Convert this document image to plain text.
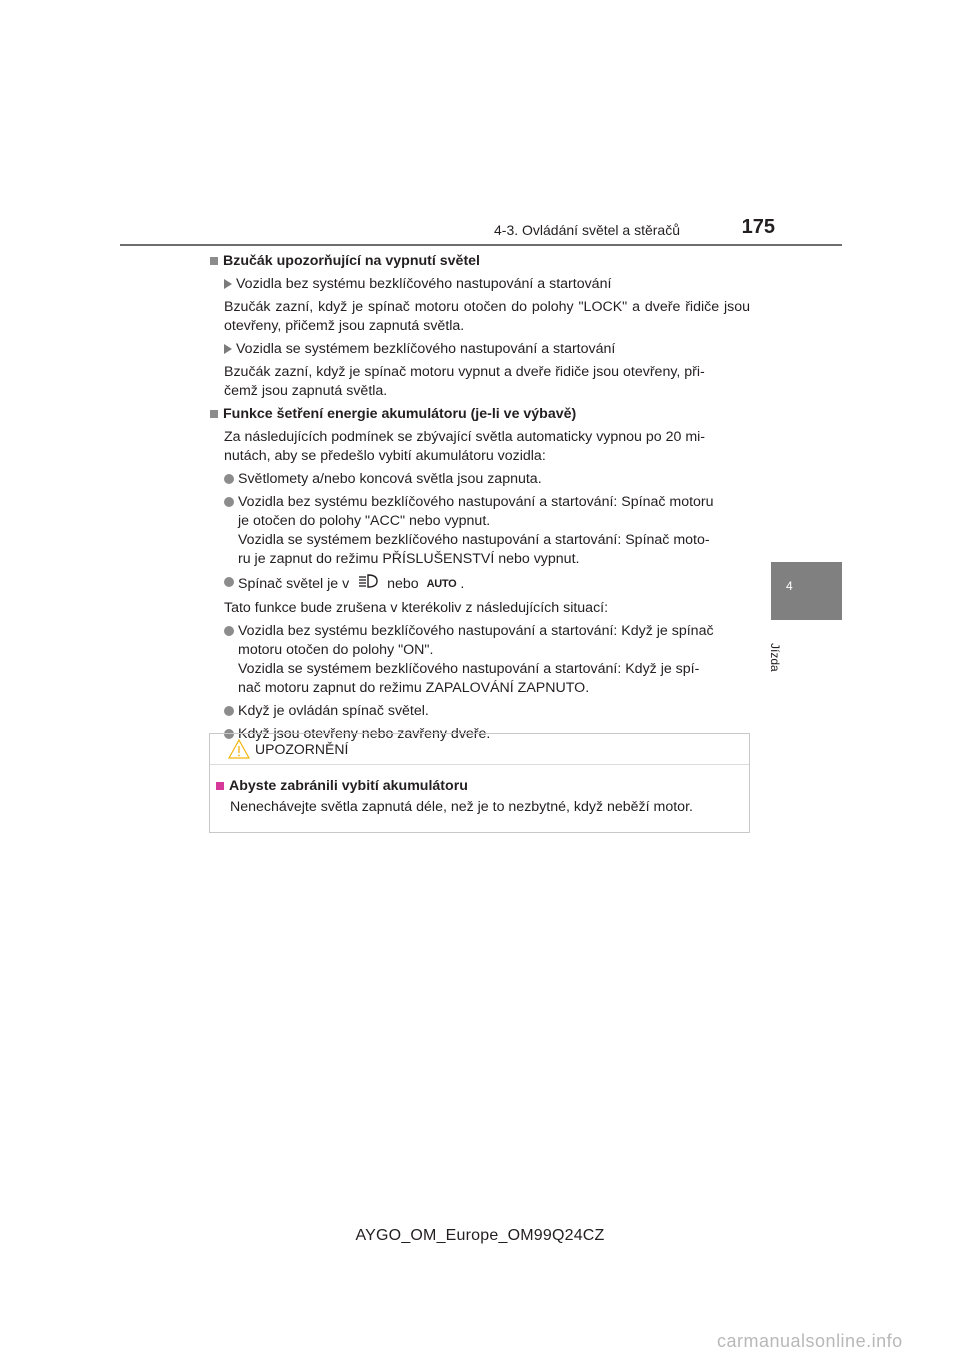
4-3. Ovládání světel a stěračů	175
4
Jízda
Bzučák upozorňující na vypnutí světel
Vozidla bez systému bezklíčového nastupování a startování
Bzučák zazní, když je spínač motoru otočen do polohy "LOCK" a dveře řidiče jsou otevřeny, přičemž jsou zapnutá světla.
Vozidla se systémem bezklíčového nastupování a startování
Bzučák zazní, když je spínač motoru vypnut a dveře řidiče jsou otevřeny, při-
čemž jsou zapnutá světla.
Funkce šetření energie akumulátoru (je-li ve výbavě)
Za následujících podmínek se zbývající světla automaticky vypnou po 20 mi-
nutách, aby se předešlo vybití akumulátoru vozidla:
Světlomety a/nebo koncová světla jsou zapnuta.
Vozidla bez systému bezklíčového nastupování a startování: Spínač motoru
je otočen do polohy "ACC" nebo vypnut.
Vozidla se systémem bezklíčového nastupování a startování: Spínač moto-
ru je zapnut do režimu PŘÍSLUŠENSTVÍ nebo vypnut.
Spínač světel je v	nebo AUTO .
Tato funkce bude zrušena v kterékoliv z následujících situací:
Vozidla bez systému bezklíčového nastupování a startování: Když je spínač
motoru otočen do polohy "ON".
Vozidla se systémem bezklíčového nastupování a startování: Když je spí-
nač motoru zapnut do režimu ZAPALOVÁNÍ ZAPNUTO.
Když je ovládán spínač světel.
Když jsou otevřeny nebo zavřeny dveře.
UPOZORNĚNÍ
Abyste zabránili vybití akumulátoru
Nenechávejte světla zapnutá déle, než je to nezbytné, když neběží motor.
AYGO_OM_Europe_OM99Q24CZ
carmanualsonline.info
